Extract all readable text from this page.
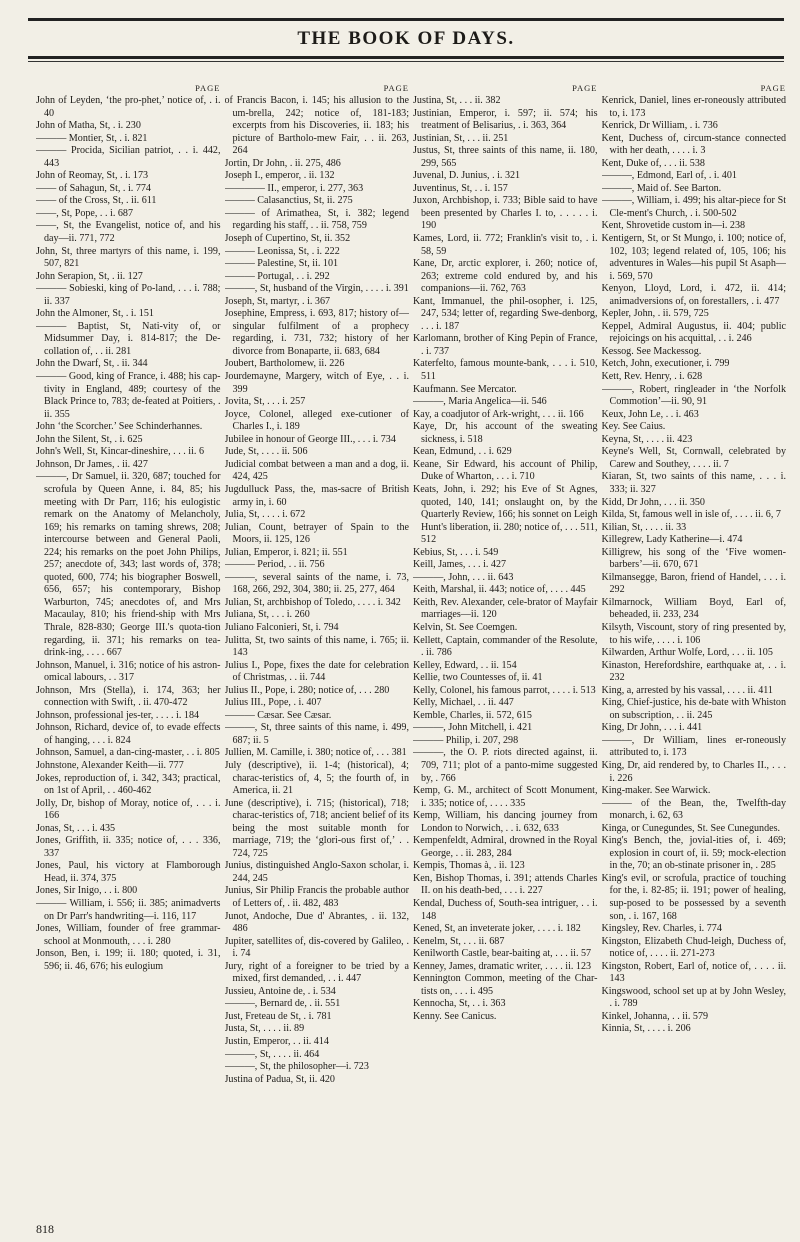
THE BOOK OF DAYS.
PAGE

John of Leyden, ‘the pro-phet,’ notice of, . i. 40

John of Matha, St, . i. 230

——— Montier, St, . i. 821

——— Procida, Sicilian patriot, . . i. 442, 443

John of Reomay, St, . i. 173

—— of Sahagun, St, . i. 774

—— of the Cross, St, . ii. 611

——, St, Pope, . . i. 687

——, St, the Evangelist, notice of, and his day—ii. 771, 772

John, St, three martyrs of this name, i. 199, 507, 821

John Serapion, St, . ii. 127

——— Sobieski, king of Po-land, . . . i. 788; ii. 337

John the Almoner, St, . i. 151

——— Baptist, St, Nati-vity of, or Midsummer Day, i. 814-817; the De-collation of, . . ii. 281

John the Dwarf, St, . ii. 344

——— Good, king of France, i. 488; his cap-tivity in England, 489; courtesy of the Black Prince to, 783; de-feated at Poitiers, . ii. 355

John ‘the Scorcher.’ See Schinderhannes.

John the Silent, St, . i. 625

John's Well, St, Kincar-dineshire, . . . ii. 6

Johnson, Dr James, . ii. 427

———, Dr Samuel, ii. 320, 687; touched for scrofula by Queen Anne, i. 84, 85; his meeting with Dr Parr, 116; his eulogistic remark on the Anatomy of Melancholy, 169; his remarks on taming shrews, 208; intercourse between and General Paoli, 224; his remarks on the poet John Philips, 257; anecdote of, 343; last words of, 378; quoted, 600, 774; his biographer Boswell, 656, 657; his contemporary, Bishop Warburton, 745; anecdotes of, and Mrs Macaulay, 810; his friend-ship with Mrs Thrale, 828-830; George III.'s quota-tion regarding, ii. 371; his remarks on tea-drink-ing, . . . . 667

Johnson, Manuel, i. 316; notice of his astron-omical labours, . . 317

Johnson, Mrs (Stella), i. 174, 363; her connection with Swift, . ii. 470-472

Johnson, professional jes-ter, . . . . i. 184

Johnson, Richard, device of, to evade effects of hanging, . . . i. 824

Johnson, Samuel, a dan-cing-master, . . i. 805

Johnstone, Alexander Keith—ii. 777

Jokes, reproduction of, i. 342, 343; practical, on 1st of April, . . 460-462

Jolly, Dr, bishop of Moray, notice of, . . . i. 166

Jonas, St, . . . i. 435

Jones, Griffith, ii. 335; notice of, . . . 336, 337

Jones, Paul, his victory at Flamborough Head, ii. 374, 375

Jones, Sir Inigo, . . i. 800

——— William, i. 556; ii. 385; animadverts on Dr Parr's handwriting—i. 116, 117

Jones, William, founder of free grammar-school at Monmouth, . . . i. 280

Jonson, Ben, i. 199; ii. 180; quoted, i. 31, 596; ii. 46, 676; his eulogium

PAGE

of Francis Bacon, i. 145; his allusion to the um-brella, 242; notice of, 181-183; excerpts from his Discoveries, ii. 183; his picture of Bartholo-mew Fair, . . ii. 263, 264

Jortin, Dr John, . ii. 275, 486

Joseph I., emperor, . ii. 132

———— II., emperor, i. 277, 363

——— Calasanctius, St, ii. 275

——— of Arimathea, St, i. 382; legend regarding his staff, . . ii. 758, 759

Joseph of Cupertino, St, ii. 352

——— Leonissa, St, . i. 222

——— Palestine, St, ii. 101

——— Portugal, . . i. 292

———, St, husband of the Virgin, . . . . i. 391

Joseph, St, martyr, . i. 367

Josephine, Empress, i. 693, 817; history of—singular fulfilment of a prophecy regarding, i. 731, 732; history of her divorce from Bonaparte, ii. 683, 684

Joubert, Bartholomew, ii. 226

Jourdemayne, Margery, witch of Eye, . . i. 399

Jovita, St, . . . i. 257

Joyce, Colonel, alleged exe-cutioner of Charles I., i. 189

Jubilee in honour of George III., . . . i. 734

Jude, St, . . . . ii. 506

Judicial combat between a man and a dog, ii. 424, 425

Jugdulluck Pass, the, mas-sacre of British army in, i. 60

Julia, St, . . . . i. 672

Julian, Count, betrayer of Spain to the Moors, ii. 125, 126

Julian, Emperor, i. 821; ii. 551

——— Period, . . ii. 756

———, several saints of the name, i. 73, 168, 266, 292, 304, 380; ii. 25, 277, 464

Julian, St, archbishop of Toledo, . . . . i. 342

Juliana, St, . . . i. 260

Juliano Falconieri, St, i. 794

Julitta, St, two saints of this name, i. 765; ii. 143

Julius I., Pope, fixes the date for celebration of Christmas, . . ii. 744

Julius II., Pope, i. 280; notice of, . . . 280

Julius III., Pope, . i. 407

——— Cæsar. See Cæsar.

———, St, three saints of this name, i. 499, 687; ii. 5

Jullien, M. Camille, i. 380; notice of, . . . 381

July (descriptive), ii. 1-4; (historical), 4; charac-teristics of, 4, 5; the fourth of, in America, ii. 21

June (descriptive), i. 715; (historical), 718; charac-teristics of, 718; ancient belief of its being the most suitable month for marriage, 719; the ‘glori-ous first of,’ . . 724, 725

Junius, distinguished Anglo-Saxon scholar, i. 244, 245

Junius, Sir Philip Francis the probable author of Letters of, . ii. 482, 483

Junot, Andoche, Due d' Abrantes, . ii. 132, 486

Jupiter, satellites of, dis-covered by Galileo, . i. 74

Jury, right of a foreigner to be tried by a mixed, first demanded, . . i. 447

Jussieu, Antoine de, . i. 534

———, Bernard de, . ii. 551

Just, Freteau de St, . i. 781

Justa, St, . . . . ii. 89

Justin, Emperor, . . ii. 414

———, St, . . . . ii. 464

———, St, the philosopher—i. 723

Justina of Padua, St, ii. 420

PAGE

Justina, St, . . . ii. 382

Justinian, Emperor, i. 597; ii. 574; his treatment of Belisarius, . i. 363, 364

Justinian, St, . . . ii. 251

Justus, St, three saints of this name, ii. 180, 299, 565

Juvenal, D. Junius, . i. 321

Juventinus, St, . . i. 157

Juxon, Archbishop, i. 733; Bible said to have been presented by Charles I. to, . . . . . i. 190

Kames, Lord, ii. 772; Franklin's visit to, . i. 58, 59

Kane, Dr, arctic explorer, i. 260; notice of, 263; extreme cold endured by, and his companions—ii. 762, 763

Kant, Immanuel, the phil-osopher, i. 125, 247, 534; letter of, regarding Swe-denborg, . . . i. 187

Karlomann, brother of King Pepin of France, . i. 737

Katerfelto, famous mounte-bank, . . . i. 510, 511

Kaufmann. See Mercator.

———, Maria Angelica—ii. 546

Kay, a coadjutor of Ark-wright, . . . ii. 166

Kaye, Dr, his account of the sweating sickness, i. 518

Kean, Edmund, . . i. 629

Keane, Sir Edward, his account of Philip, Duke of Wharton, . . . i. 710

Keats, John, i. 292; his Eve of St Agnes, quoted, 140, 141; onslaught on, by the Quarterly Review, 166; his sonnet on Leigh Hunt's liberation, ii. 280; notice of, . . . 511, 512

Kebius, St, . . . i. 549

Keill, James, . . . i. 427

———, John, . . . ii. 643

Keith, Marshal, ii. 443; notice of, . . . . 445

Keith, Rev. Alexander, cele-brator of Mayfair marriages—ii. 120

Kelvin, St. See Coemgen.

Kellett, Captain, commander of the Resolute, . ii. 786

Kelley, Edward, . . ii. 154

Kellie, two Countesses of, ii. 41

Kelly, Colonel, his famous parrot, . . . . i. 513

Kelly, Michael, . . ii. 447

Kemble, Charles, ii. 572, 615

———, John Mitchell, i. 421

——— Philip, i. 207, 298

———, the O. P. riots directed against, ii. 709, 711; plot of a panto-mime suggested by, . 766

Kemp, G. M., architect of Scott Monument, i. 335; notice of, . . . . 335

Kemp, William, his dancing journey from London to Norwich, . . i. 632, 633

Kempenfeldt, Admiral, drowned in the Royal George, . . ii. 283, 284

Kempis, Thomas à, . ii. 123

Ken, Bishop Thomas, i. 391; attends Charles II. on his death-bed, . . . i. 227

Kendal, Duchess of, South-sea intriguer, . . i. 148

Kened, St, an inveterate joker, . . . . i. 182

Kenelm, St, . . . ii. 687

Kenilworth Castle, bear-baiting at, . . . ii. 57

Kenney, James, dramatic writer, . . . . ii. 123

Kennington Common, meeting of the Char-tists on, . . . i. 495

Kennocha, St, . . i. 363

Kenny. See Canicus.

PAGE

Kenrick, Daniel, lines er-roneously attributed to, i. 173

Kenrick, Dr William, . i. 736

Kent, Duchess of, circum-stance connected with her death, . . . . i. 3

Kent, Duke of, . . . ii. 538

———, Edmond, Earl of, . i. 401

———, Maid of. See Barton.

———, William, i. 499; his altar-piece for St Cle-ment's Church, . i. 500-502

Kent, Shrovetide custom in—i. 238

Kentigern, St, or St Mungo, i. 100; notice of, 102, 103; legend related of, 105, 106; his adventures in Wales—his pupil St Asaph—i. 569, 570

Kenyon, Lloyd, Lord, i. 472, ii. 414; animadversions of, on forestallers, . i. 477

Kepler, John, . ii. 579, 725

Keppel, Admiral Augustus, ii. 404; public rejoicings on his acquittal, . . i. 246

Kessog. See Mackessog.

Ketch, John, executioner, i. 799

Kett, Rev. Henry, . i. 628

———, Robert, ringleader in ‘the Norfolk Commotion’—ii. 90, 91

Keux, John Le, . . i. 463

Key. See Caius.

Keyna, St, . . . . ii. 423

Keyne's Well, St, Cornwall, celebrated by Carew and Southey, . . . . ii. 7

Kiaran, St, two saints of this name, . . . i. 333; ii. 327

Kidd, Dr John, . . . ii. 350

Kilda, St, famous well in isle of, . . . . ii. 6, 7

Kilian, St, . . . . ii. 33

Killegrew, Lady Katherine—i. 474

Killigrew, his song of the ‘Five women-barbers’—ii. 670, 671

Kilmansegge, Baron, friend of Handel, . . . i. 292

Kilmarnock, William Boyd, Earl of, beheaded, ii. 233, 234

Kilsyth, Viscount, story of ring presented by, to his wife, . . . . i. 106

Kilwarden, Arthur Wolfe, Lord, . . . ii. 105

Kinaston, Herefordshire, earthquake at, . . i. 232

King, a, arrested by his vassal, . . . . ii. 411

King, Chief-justice, his de-bate with Whiston on subscription, . . ii. 245

King, Dr John, . . . i. 441

———, Dr William, lines er-roneously attributed to, i. 173

King, Dr, aid rendered by, to Charles II., . . . i. 226

King-maker. See Warwick.

——— of the Bean, the, Twelfth-day monarch, i. 62, 63

Kinga, or Cunegundes, St. See Cunegundes.

King's Bench, the, jovial-ities of, i. 469; explosion in court of, ii. 59; mock-election in the, 70; an ob-stinate prisoner in, . 285

King's evil, or scrofula, practice of touching for the, i. 82-85; ii. 191; power of healing, sup-posed to be possessed by a seventh son, . i. 167, 168

Kingsley, Rev. Charles, i. 774

Kingston, Elizabeth Chud-leigh, Duchess of, notice of, . . . . ii. 271-273

Kingston, Robert, Earl of, notice of, . . . . ii. 143

Kingswood, school set up at by John Wesley, . i. 789

Kinkel, Johanna, . . ii. 579

Kinnia, St, . . . . i. 206

818
